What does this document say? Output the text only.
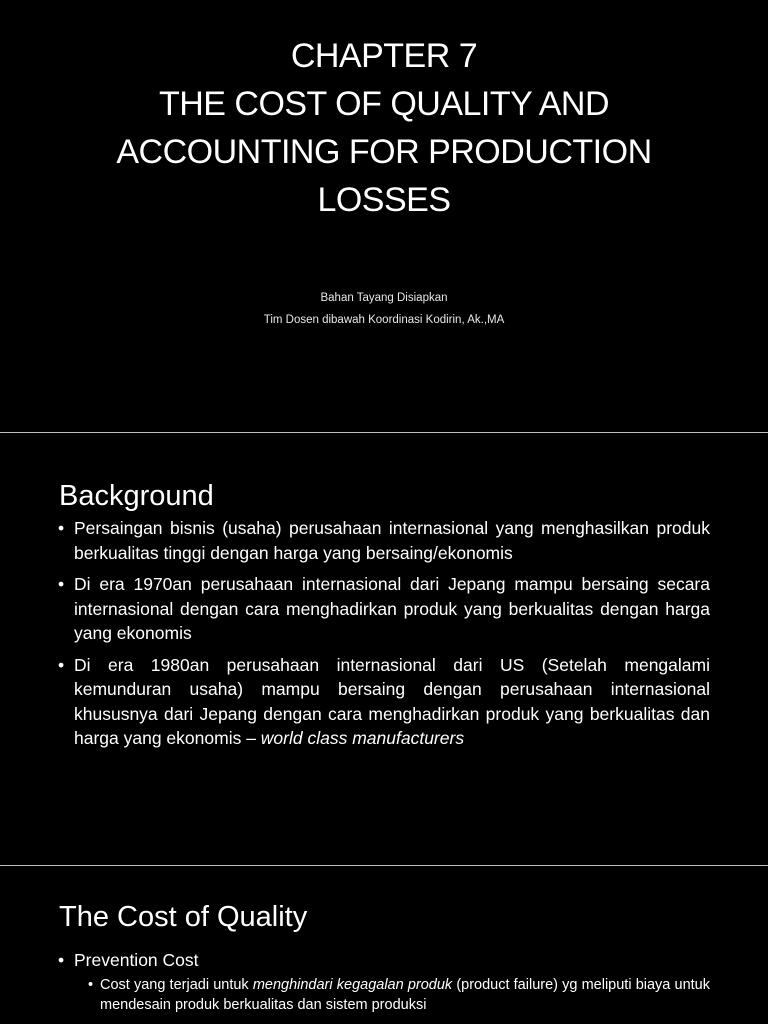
CHAPTER 7
THE COST OF QUALITY AND
ACCOUNTING FOR PRODUCTION
LOSSES
Bahan Tayang Disiapkan
Tim Dosen dibawah Koordinasi Kodirin, Ak.,MA
Background
• Persaingan bisnis (usaha) perusahaan internasional yang menghasilkan produk berkualitas tinggi dengan harga yang bersaing/ekonomis
• Di era 1970an perusahaan internasional dari Jepang mampu bersaing secara internasional dengan cara menghadirkan produk yang berkualitas dengan harga yang ekonomis
• Di era 1980an perusahaan internasional dari US (Setelah mengalami kemunduran usaha) mampu bersaing dengan perusahaan internasional khususnya dari Jepang dengan cara menghadirkan produk yang berkualitas dan harga yang ekonomis – world class manufacturers
The Cost of Quality
• Prevention Cost
• Cost yang terjadi untuk menghindari kegagalan produk (product failure) yg meliputi biaya untuk mendesain produk berkualitas dan sistem produksi
